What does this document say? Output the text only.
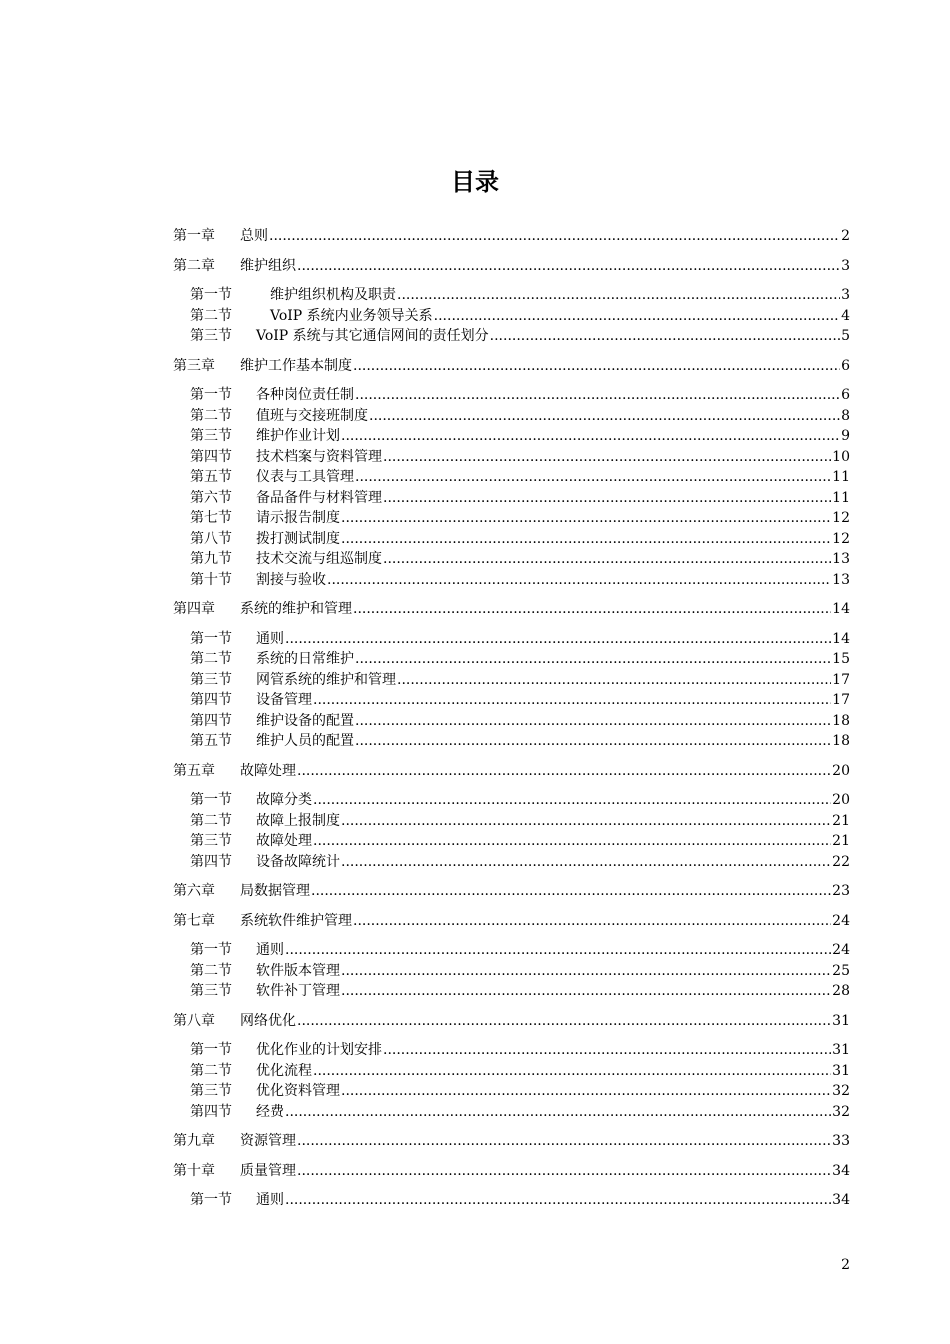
目录
第一章	总则 .....	2
第二章	维护组织 .....	3
第一节	　维护组织机构及职责 .....	3
第二节	　VoIP 系统内业务领导关系 .....	4
第三节	VoIP 系统与其它通信网间的责任划分 .....	5
第三章	维护工作基本制度 .....	6
第一节	各种岗位责任制 .....	6
第二节	值班与交接班制度 .....	8
第三节	维护作业计划 .....	9
第四节	技术档案与资料管理 .....	10
第五节	仪表与工具管理 .....	11
第六节	备品备件与材料管理 .....	11
第七节	请示报告制度 .....	12
第八节	拨打测试制度 .....	12
第九节	技术交流与组巡制度 .....	13
第十节	割接与验收 .....	13
第四章	系统的维护和管理 .....	14
第一节	通则 .....	14
第二节	系统的日常维护 .....	15
第三节	网管系统的维护和管理 .....	17
第四节	设备管理 .....	17
第四节	维护设备的配置 .....	18
第五节	维护人员的配置 .....	18
第五章	故障处理 .....	20
第一节	故障分类 .....	20
第二节	故障上报制度 .....	21
第三节	故障处理 .....	21
第四节	设备故障统计 .....	22
第六章	局数据管理 .....	23
第七章	系统软件维护管理 .....	24
第一节	通则 .....	24
第二节	软件版本管理 .....	25
第三节	软件补丁管理 .....	28
第八章	网络优化 .....	31
第一节	优化作业的计划安排 .....	31
第二节	优化流程 .....	31
第三节	优化资料管理 .....	32
第四节	经费 .....	32
第九章	资源管理 .....	33
第十章	质量管理 .....	34
第一节	通则 .....	34
2
